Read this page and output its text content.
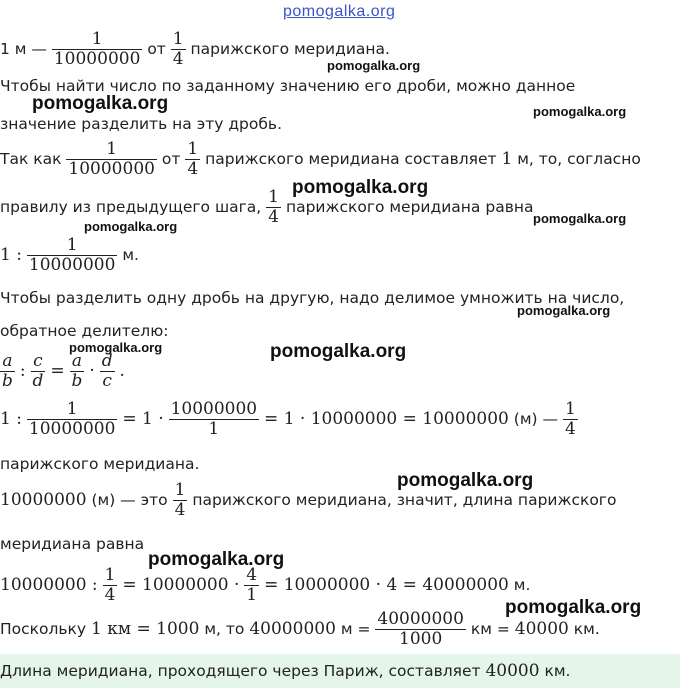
pomogalka.org
1 м — $\frac{1}{10000000}$ от $\frac{1}{4}$ парижского меридиана.
pomogalka.org
Чтобы найти число по заданному значению его дроби, можно данное
pomogalka.org	pomogalka.org
значение разделить на эту дробь.
Так как $\frac{1}{10000000}$ от $\frac{1}{4}$ парижского меридиана составляет 1 м, то, согласно
pomogalka.org
правилу из предыдущего шага, $\frac{1}{4}$ парижского меридиана равна
pomogalka.org
pomogalka.org
1 : $\frac{1}{10000000} м$.
Чтобы разделить одну дробь на другую, надо делимое умножить на число,
pomogalka.org
обратное делителю:
pomogalka.org	pomogalka.org
$\frac{a}{b}$ : $\frac{c}{d} = \frac{a}{b} \cdot \frac{d}{c}$ .
1 : $\frac{1}{10000000} = 1 \cdot \frac{10000000}{1} = 1 \cdot 10000000 = 10000000$ (м) — $\frac{1}{4}$
парижского меридиана.
pomogalka.org
10000000 (м) — это $\frac{1}{4}$ парижского меридиана, значит, длина парижского
меридиана равна
pomogalka.org
10000000 : $\frac{1}{4} = 10000000 \cdot \frac{4}{1} = 10000000 \cdot 4 = 40000000$ м.
pomogalka.org
Поскольку 1 км = 1000 м, то 40000000 $м = \frac{40000000}{1000}$ км = 40000 км.
Длина меридиана, проходящего через Париж, составляет 40000 км.
